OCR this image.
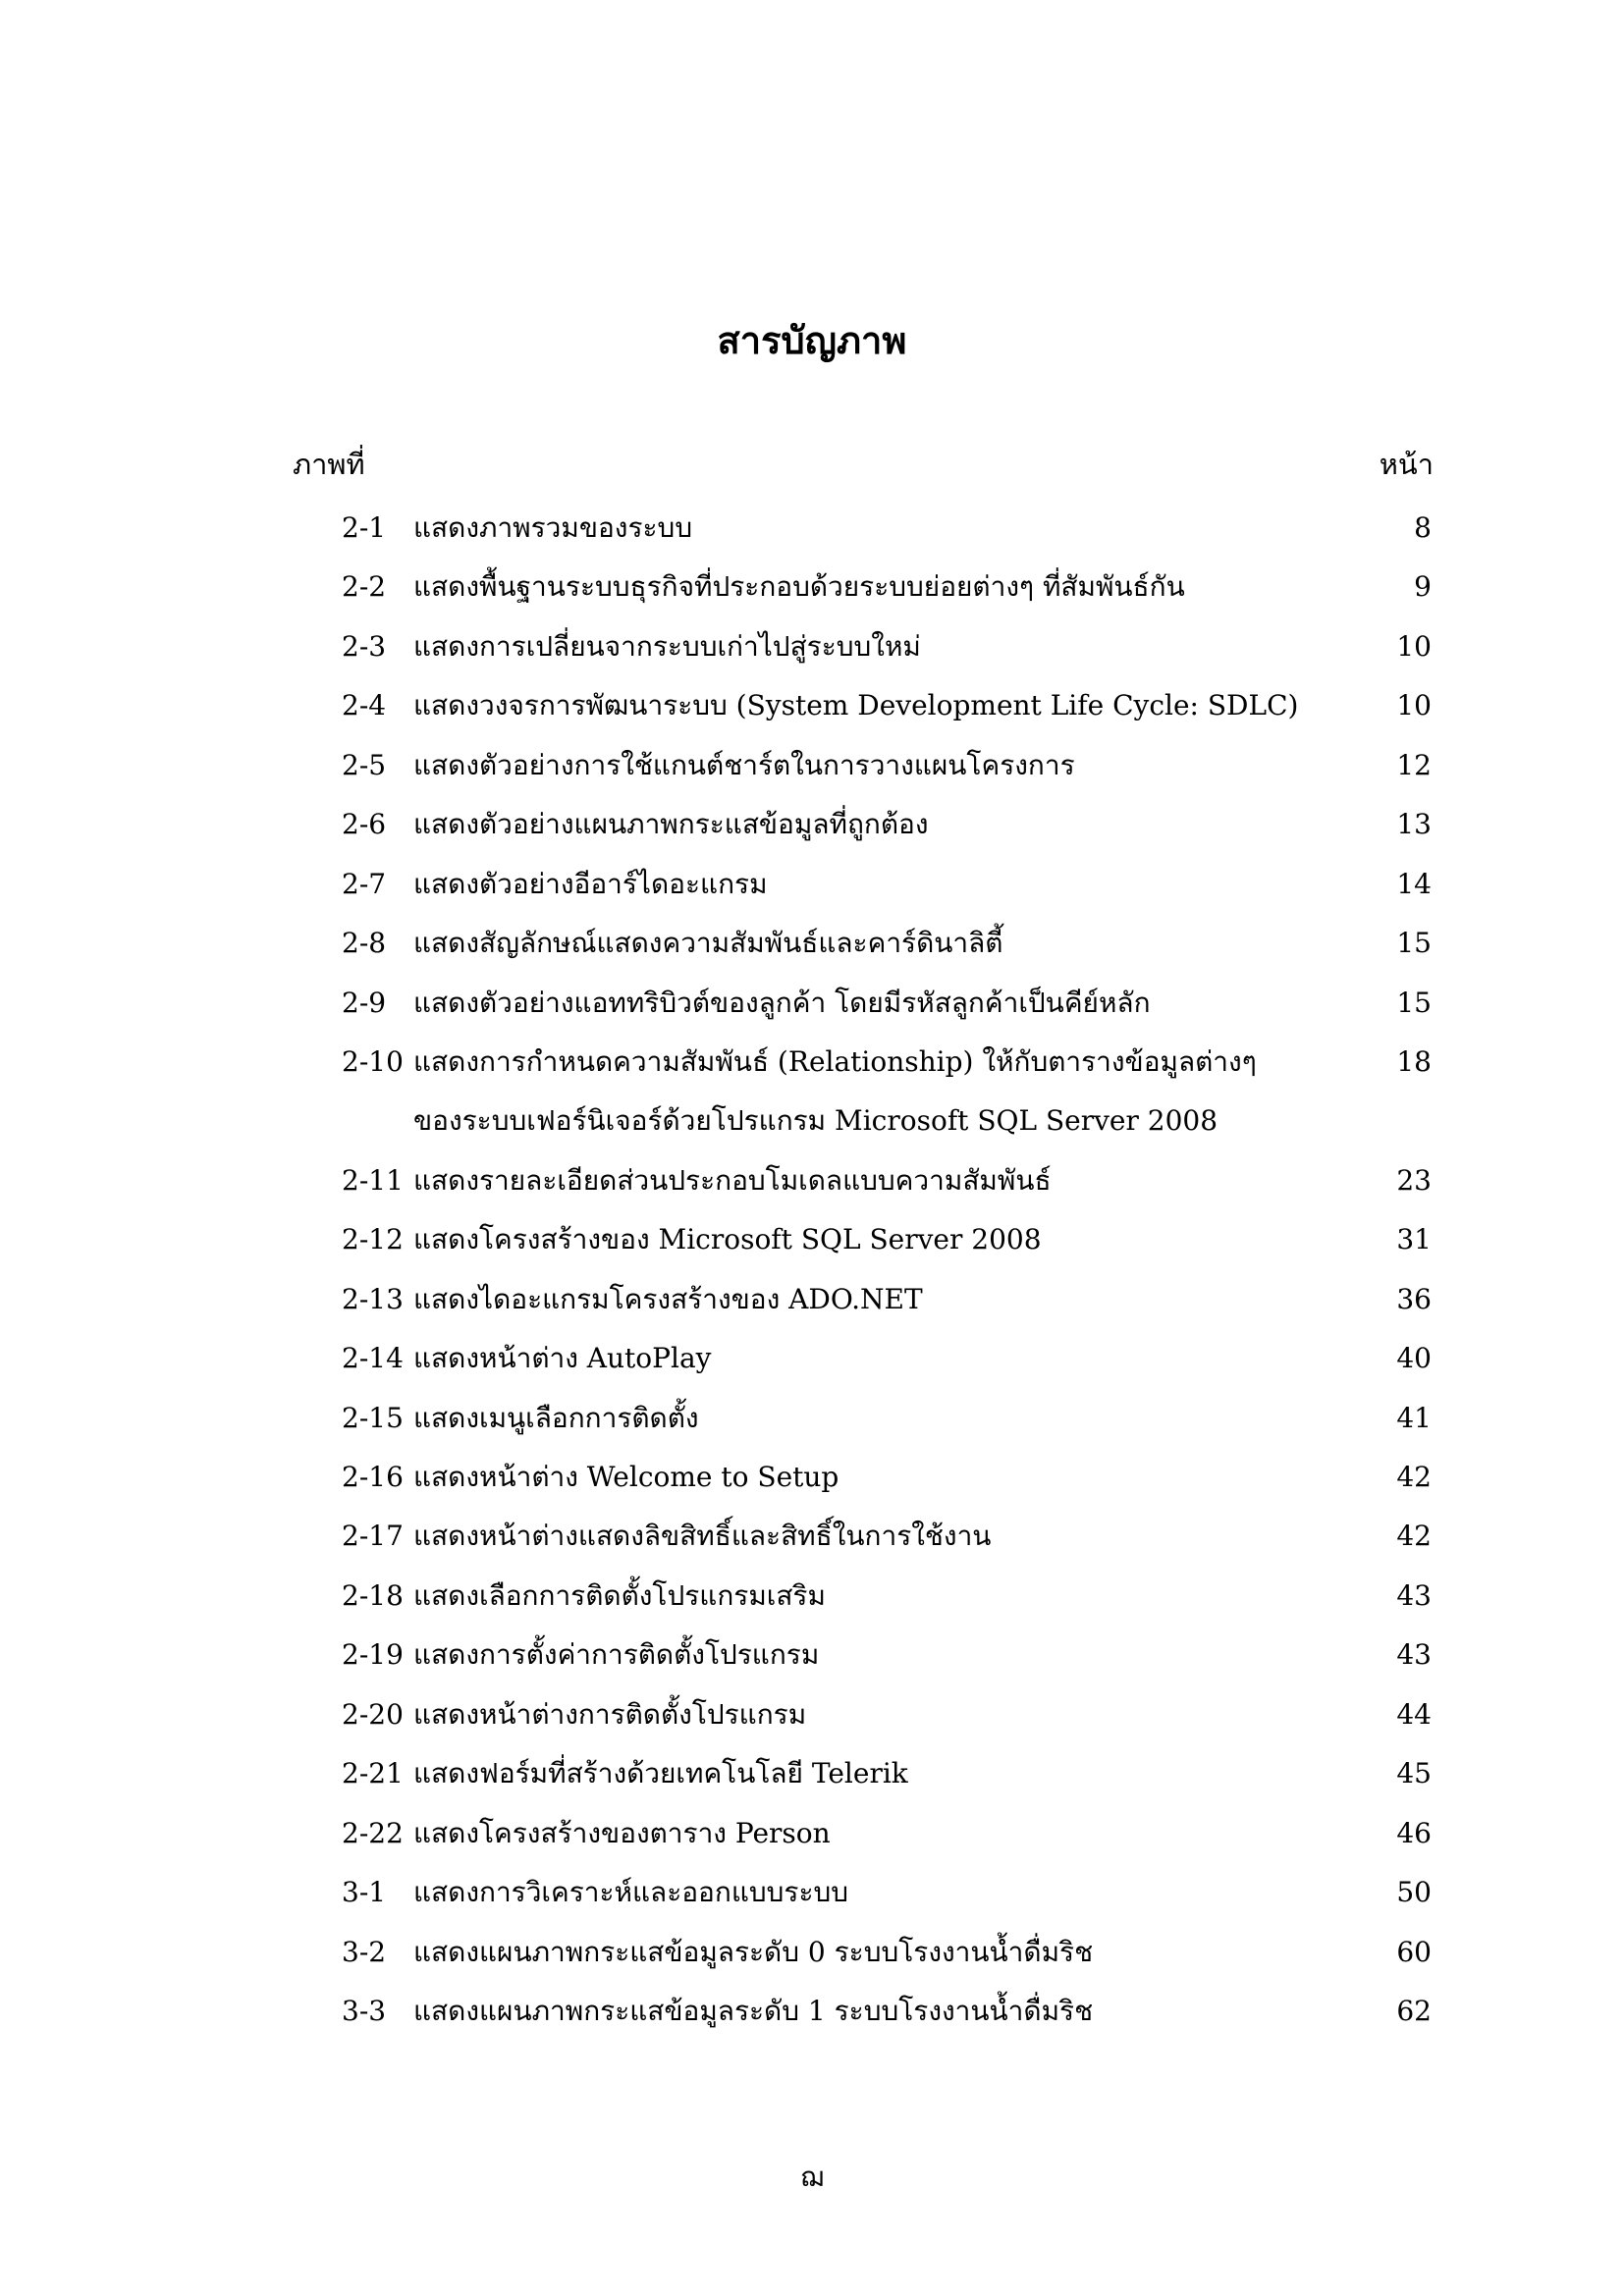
สารบัญภาพ
ภาพที่	หน้า
2-1 แสดงภาพรวมของระบบ	8
2-2 แสดงพื้นฐานระบบธุรกิจที่ประกอบด้วยระบบย่อยต่างๆ ที่สัมพันธ์กัน	9
2-3 แสดงการเปลี่ยนจากระบบเก่าไปสู่ระบบใหม่	10
2-4 แสดงวงจรการพัฒนาระบบ (System Development Life Cycle: SDLC)	10
2-5 แสดงตัวอย่างการใช้แกนต์ชาร์ตในการวางแผนโครงการ	12
2-6 แสดงตัวอย่างแผนภาพกระแสข้อมูลที่ถูกต้อง	13
2-7 แสดงตัวอย่างอีอาร์ไดอะแกรม	14
2-8 แสดงสัญลักษณ์แสดงความสัมพันธ์และคาร์ดินาลิตี้	15
2-9 แสดงตัวอย่างแอททริบิวต์ของลูกค้า โดยมีรหัสลูกค้าเป็นคีย์หลัก	15
2-10 แสดงการกำหนดความสัมพันธ์ (Relationship) ให้กับตารางข้อมูลต่างๆ	18
ของระบบเฟอร์นิเจอร์ด้วยโปรแกรม Microsoft SQL Server 2008
2-11 แสดงรายละเอียดส่วนประกอบโมเดลแบบความสัมพันธ์	23
2-12 แสดงโครงสร้างของ Microsoft SQL Server 2008	31
2-13 แสดงไดอะแกรมโครงสร้างของ ADO.NET	36
2-14 แสดงหน้าต่าง AutoPlay	40
2-15 แสดงเมนูเลือกการติดตั้ง	41
2-16 แสดงหน้าต่าง Welcome to Setup	42
2-17 แสดงหน้าต่างแสดงลิขสิทธิ์และสิทธิ์ในการใช้งาน	42
2-18 แสดงเลือกการติดตั้งโปรแกรมเสริม	43
2-19 แสดงการตั้งค่าการติดตั้งโปรแกรม	43
2-20 แสดงหน้าต่างการติดตั้งโปรแกรม	44
2-21 แสดงฟอร์มที่สร้างด้วยเทคโนโลยี Telerik	45
2-22 แสดงโครงสร้างของตาราง Person	46
3-1 แสดงการวิเคราะห์และออกแบบระบบ	50
3-2 แสดงแผนภาพกระแสข้อมูลระดับ 0 ระบบโรงงานน้ำดื่มริช	60
3-3 แสดงแผนภาพกระแสข้อมูลระดับ 1 ระบบโรงงานน้ำดื่มริช	62
ฌ
